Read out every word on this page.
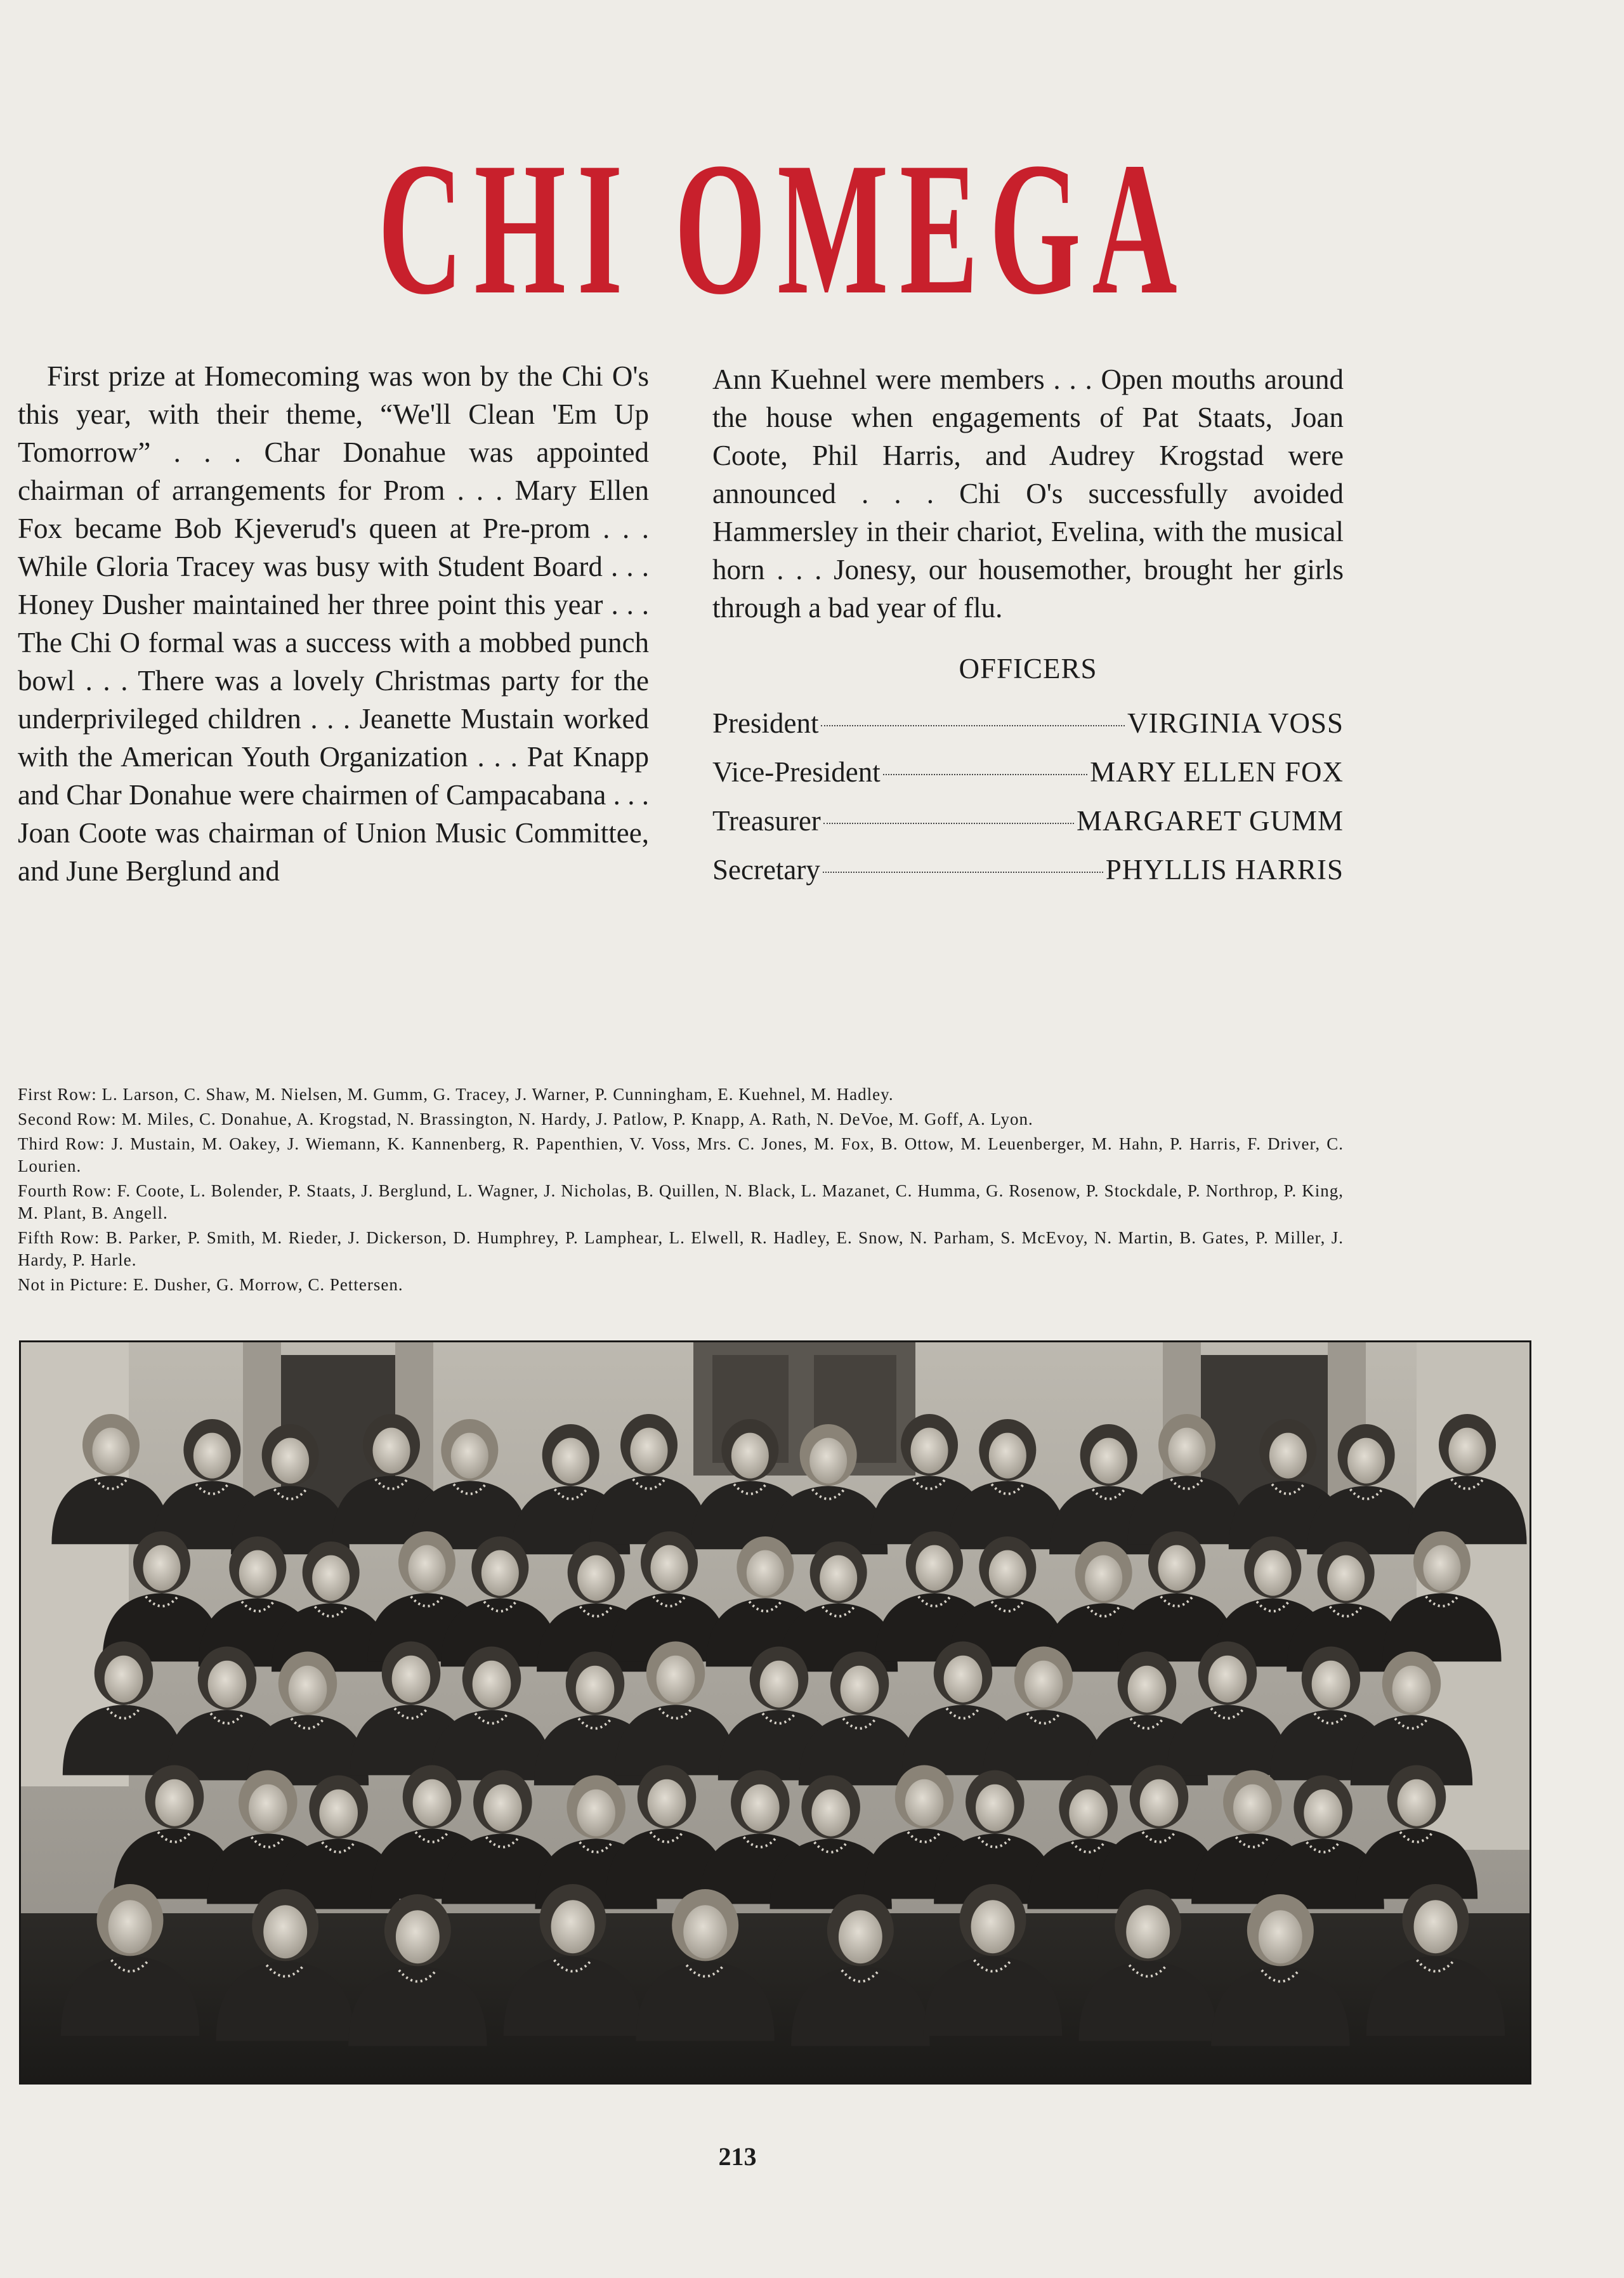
CHI OMEGA

First prize at Homecoming was won by the Chi O's this year, with their theme, “We'll Clean 'Em Up Tomorrow” . . . Char Donahue was appointed chairman of arrangements for Prom . . . Mary Ellen Fox became Bob Kjeverud's queen at Pre-prom . . . While Gloria Tracey was busy with Student Board . . . Honey Dusher maintained her three point this year . . . The Chi O formal was a success with a mobbed punch bowl . . . There was a lovely Christmas party for the underprivileged children . . . Jeanette Mustain worked with the American Youth Organization . . . Pat Knapp and Char Donahue were chairmen of Campacabana . . . Joan Coote was chairman of Union Music Committee, and June Berglund and

Ann Kuehnel were members . . . Open mouths around the house when engagements of Pat Staats, Joan Coote, Phil Harris, and Audrey Krogstad were announced . . . Chi O's successfully avoided Hammersley in their chariot, Evelina, with the musical horn . . . Jonesy, our housemother, brought her girls through a bad year of flu.

OFFICERS
President	VIRGINIA VOSS
Vice-President	MARY ELLEN FOX
Treasurer	MARGARET GUMM
Secretary	PHYLLIS HARRIS
First Row: L. Larson, C. Shaw, M. Nielsen, M. Gumm, G. Tracey, J. Warner, P. Cunningham, E. Kuehnel, M. Hadley.
Second Row: M. Miles, C. Donahue, A. Krogstad, N. Brassington, N. Hardy, J. Patlow, P. Knapp, A. Rath, N. DeVoe, M. Goff, A. Lyon.
Third Row: J. Mustain, M. Oakey, J. Wiemann, K. Kannenberg, R. Papenthien, V. Voss, Mrs. C. Jones, M. Fox, B. Ottow, M. Leuenberger, M. Hahn, P. Harris, F. Driver, C. Lourien.
Fourth Row: F. Coote, L. Bolender, P. Staats, J. Berglund, L. Wagner, J. Nicholas, B. Quillen, N. Black, L. Mazanet, C. Humma, G. Rosenow, P. Stockdale, P. Northrop, P. King, M. Plant, B. Angell.
Fifth Row: B. Parker, P. Smith, M. Rieder, J. Dickerson, D. Humphrey, P. Lamphear, L. Elwell, R. Hadley, E. Snow, N. Parham, S. McEvoy, N. Martin, B. Gates, P. Miller, J. Hardy, P. Harle.
Not in Picture: E. Dusher, G. Morrow, C. Pettersen.
213
